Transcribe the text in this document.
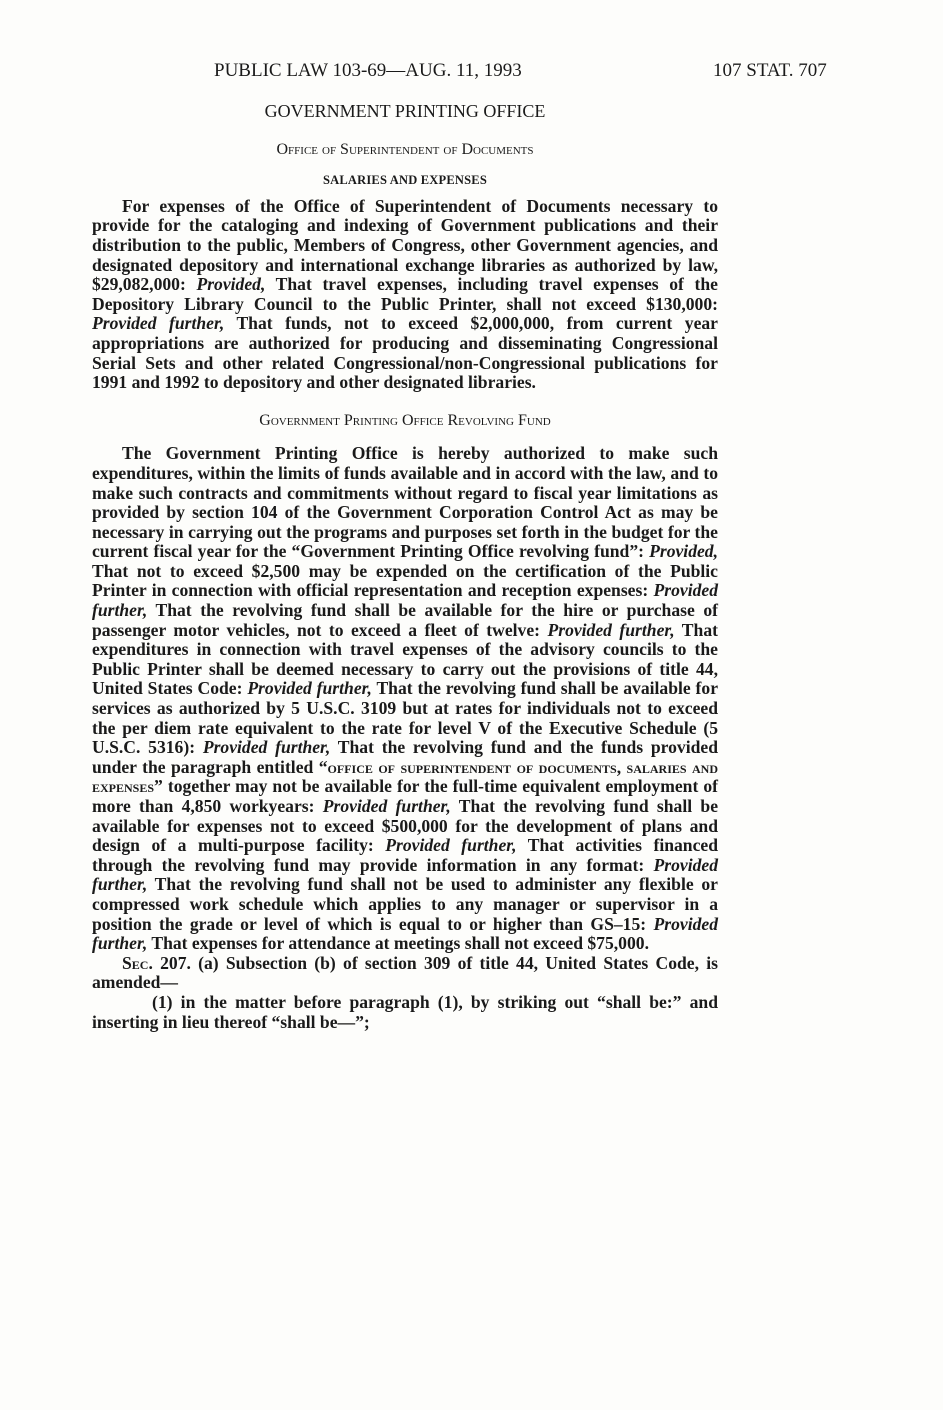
PUBLIC LAW 103-69—AUG. 11, 1993	107 STAT. 707
GOVERNMENT PRINTING OFFICE
Office of Superintendent of Documents
SALARIES AND EXPENSES

For expenses of the Office of Superintendent of Documents necessary to provide for the cataloging and indexing of Government publications and their distribution to the public, Members of Congress, other Government agencies, and designated depository and international exchange libraries as authorized by law, $29,082,000: Provided, That travel expenses, including travel expenses of the Depository Library Council to the Public Printer, shall not exceed $130,000: Provided further, That funds, not to exceed $2,000,000, from current year appropriations are authorized for producing and disseminating Congressional Serial Sets and other related Congressional/non-Congressional publications for 1991 and 1992 to depository and other designated libraries.

Government Printing Office Revolving Fund

The Government Printing Office is hereby authorized to make such expenditures, within the limits of funds available and in accord with the law, and to make such contracts and commitments without regard to fiscal year limitations as provided by section 104 of the Government Corporation Control Act as may be necessary in carrying out the programs and purposes set forth in the budget for the current fiscal year for the “Government Printing Office revolving fund”: Provided, That not to exceed $2,500 may be expended on the certification of the Public Printer in connection with official representation and reception expenses: Provided further, That the revolving fund shall be available for the hire or purchase of passenger motor vehicles, not to exceed a fleet of twelve: Provided further, That expenditures in connection with travel expenses of the advisory councils to the Public Printer shall be deemed necessary to carry out the provisions of title 44, United States Code: Provided further, That the revolving fund shall be available for services as authorized by 5 U.S.C. 3109 but at rates for individuals not to exceed the per diem rate equivalent to the rate for level V of the Executive Schedule (5 U.S.C. 5316): Provided further, That the revolving fund and the funds provided under the paragraph entitled “office of superintendent of documents, salaries and expenses” together may not be available for the full-time equivalent employment of more than 4,850 workyears: Provided further, That the revolving fund shall be available for expenses not to exceed $500,000 for the development of plans and design of a multi-purpose facility: Provided further, That activities financed through the revolving fund may provide information in any format: Provided further, That the revolving fund shall not be used to administer any flexible or compressed work schedule which applies to any manager or supervisor in a position the grade or level of which is equal to or higher than GS–15: Provided further, That expenses for attendance at meetings shall not exceed $75,000.

Sec. 207. (a) Subsection (b) of section 309 of title 44, United States Code, is amended—

(1) in the matter before paragraph (1), by striking out “shall be:” and inserting in lieu thereof “shall be—”;
